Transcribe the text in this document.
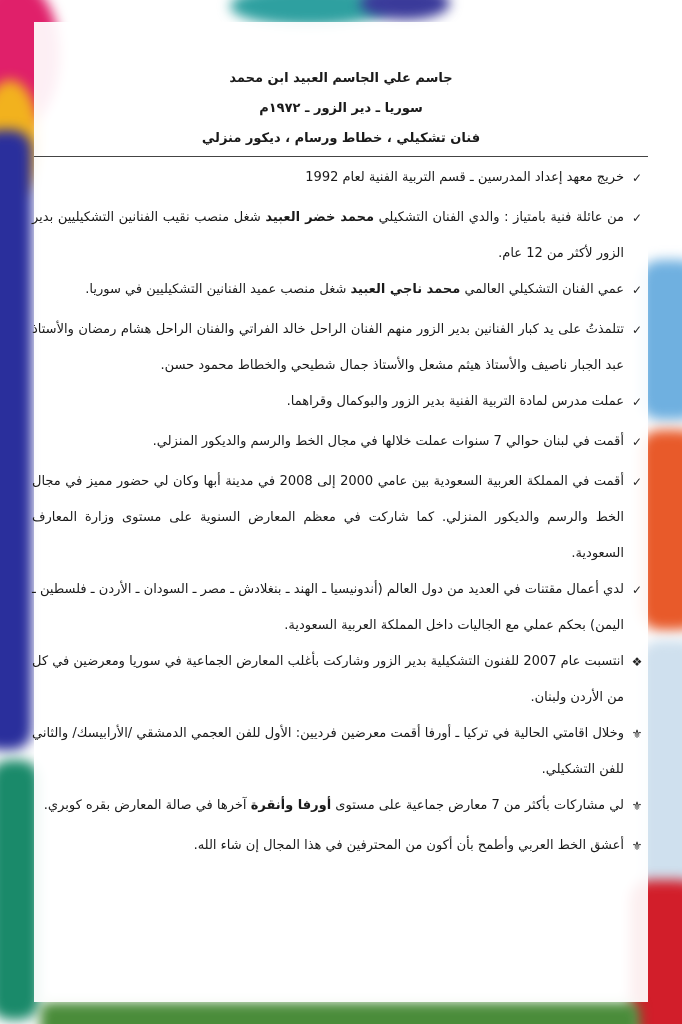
جاسم علي الجاسم العبيد ابن محمد
سوريا ـ دير الزور ـ ١٩٧٢م
فنان تشكيلي ، خطاط ورسام ، ديكور منزلي
✓
خريج معهد إعداد المدرسين ـ قسم التربية الفنية لعام 1992
✓
من عائلة فنية بامتياز : والدي الفنان التشكيلي محمد خضر العبيد شغل منصب نقيب الفنانين التشكيليين بدير الزور لأكثر من 12 عام.
✓
عمي الفنان التشكيلي العالمي محمد ناجي العبيد شغل منصب عميد الفنانين التشكيليين في سوريا.
✓
تتلمذتُ على يد كبار الفنانين بدير الزور منهم الفنان الراحل خالد الفراتي والفنان الراحل هشام رمضان والأستاذ عبد الجبار ناصيف والأستاذ هيثم مشعل والأستاذ جمال شطيحي والخطاط محمود حسن.
✓
عملت مدرس لمادة التربية الفنية بدير الزور والبوكمال وقراهما.
✓
أقمت في لبنان حوالي 7 سنوات عملت خلالها في مجال الخط والرسم والديكور المنزلي.
✓
أقمت في المملكة العربية السعودية بين عامي 2000 إلى 2008 في مدينة أبها وكان لي حضور مميز في مجال الخط والرسم والديكور المنزلي. كما شاركت في معظم المعارض السنوية على مستوى وزارة المعارف السعودية.
✓
لدي أعمال مقتنات في العديد من دول العالم (أندونيسيا ـ الهند ـ بنغلادش ـ مصر ـ السودان ـ الأردن ـ فلسطين ـ اليمن) بحكم عملي مع الجاليات داخل المملكة العربية السعودية.
❖
انتسبت عام 2007 للفنون التشكيلية بدير الزور وشاركت بأغلب المعارض الجماعية في سوريا ومعرضين في كل من الأردن ولبنان.
⚜
وخلال اقامتي الحالية في تركيا ـ أورفا أقمت معرضين فرديين: الأول للفن العجمي الدمشقي /الأرابيسك/ والثاني للفن التشكيلي.
⚜
لي مشاركات بأكثر من 7 معارض جماعية على مستوى أورفا وأنقرة آخرها في صالة المعارض بقره كوبري.
⚜
أعشق الخط العربي وأطمح بأن أكون من المحترفين في هذا المجال إن شاء الله.
